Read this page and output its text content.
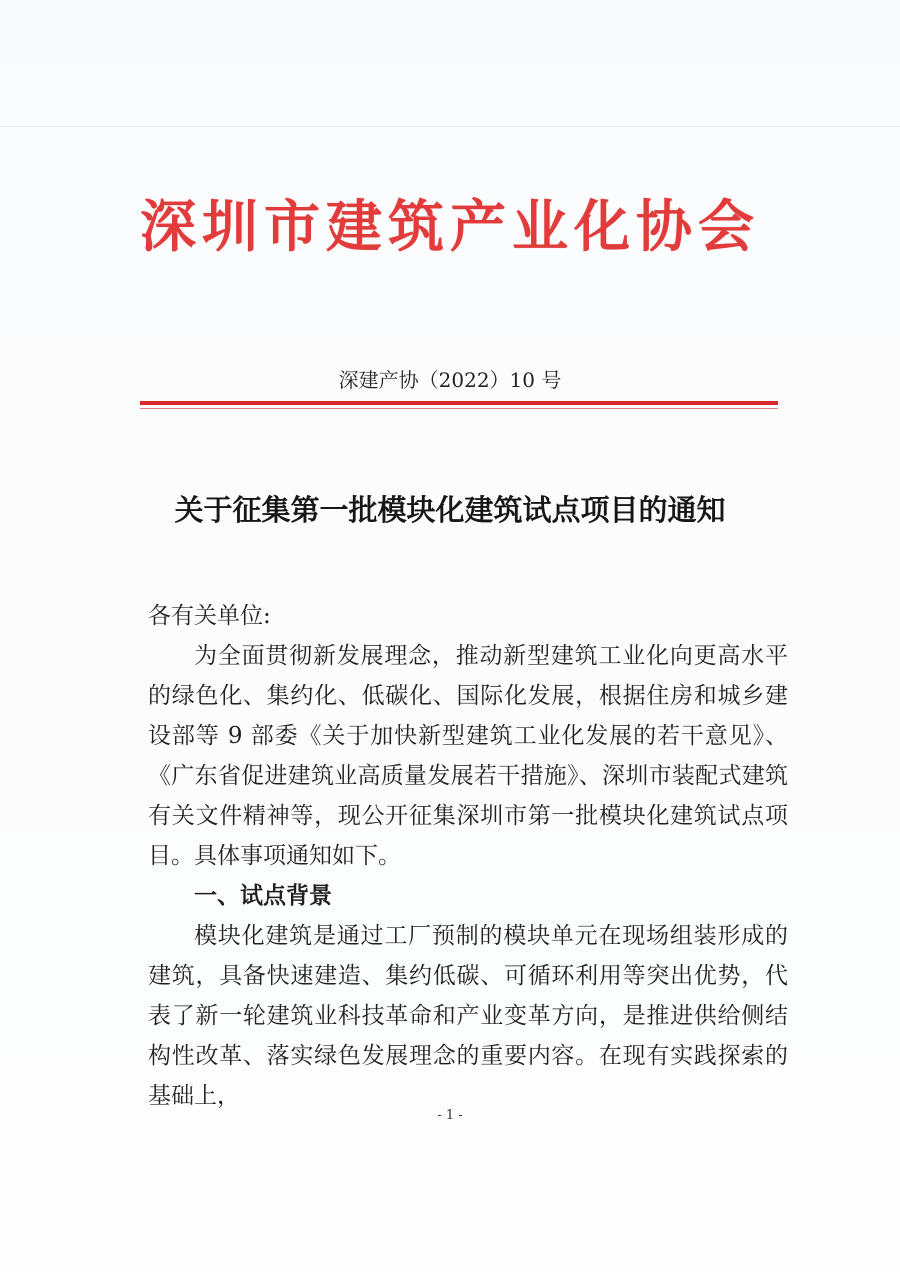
深圳市建筑产业化协会
深建产协（2022）10 号
关于征集第一批模块化建筑试点项目的通知

各有关单位:

为全面贯彻新发展理念，推动新型建筑工业化向更高水平的绿色化、集约化、低碳化、国际化发展，根据住房和城乡建设部等 9 部委《关于加快新型建筑工业化发展的若干意见》、《广东省促进建筑业高质量发展若干措施》、深圳市装配式建筑有关文件精神等，现公开征集深圳市第一批模块化建筑试点项目。具体事项通知如下。

一、试点背景

模块化建筑是通过工厂预制的模块单元在现场组装形成的建筑，具备快速建造、集约低碳、可循环利用等突出优势，代表了新一轮建筑业科技革命和产业变革方向，是推进供给侧结构性改革、落实绿色发展理念的重要内容。在现有实践探索的基础上，

- 1 -
